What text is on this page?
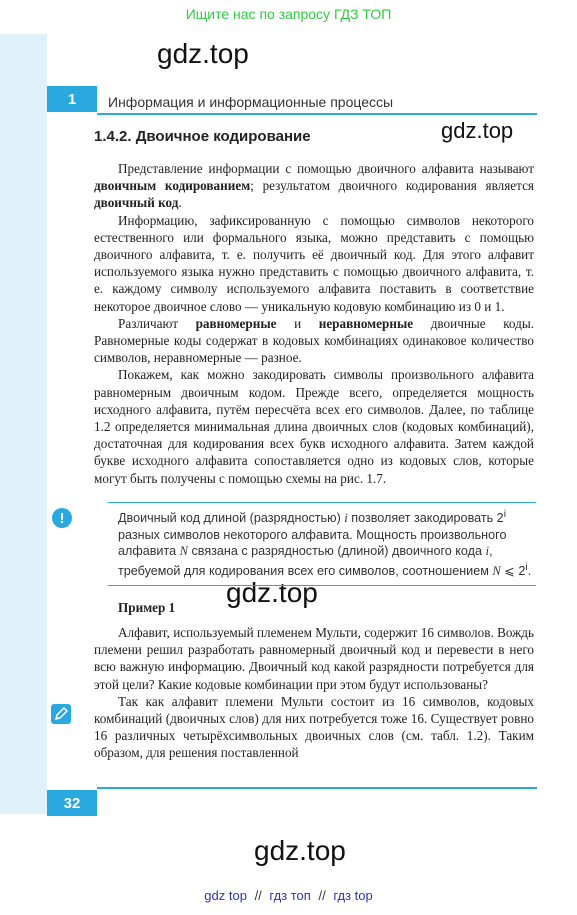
Ищите нас по запросу ГДЗ ТОП
gdz.top
gdz.top
gdz.top
gdz.top
1	Информация и информационные процессы
1.4.2. Двоичное кодирование

Представление информации с помощью двоичного алфавита называют двоичным кодированием; результатом двоичного кодирования является двоичный код.

Информацию, зафиксированную с помощью символов некоторого естественного или формального языка, можно представить с помощью двоичного алфавита, т. е. получить её двоичный код. Для этого алфавит используемого языка нужно представить с помощью двоичного алфавита, т. е. каждому символу используемого алфавита поставить в соответствие некоторое двоичное слово — уникальную кодовую комбинацию из 0 и 1.

Различают равномерные и неравномерные двоичные коды. Равномерные коды содержат в кодовых комбинациях одинаковое количество символов, неравномерные — разное.

Покажем, как можно закодировать символы произвольного алфавита равномерным двоичным кодом. Прежде всего, определяется мощность исходного алфавита, путём пересчёта всех его символов. Далее, по таблице 1.2 определяется минимальная длина двоичных слов (кодовых комбинаций), достаточная для кодирования всех букв исходного алфавита. Затем каждой букве исходного алфавита сопоставляется одно из кодовых слов, которые могут быть получены с помощью схемы на рис. 1.7.

!	Двоичный код длиной (разрядностью) i позволяет закодировать 2$^i$ разных символов некоторого алфавита. Мощность произвольного алфавита N связана с разрядностью (длиной) двоичного кода i, требуемой для кодирования всех его символов, соотношением N ⩽ 2$^i$.
Пример 1

Алфавит, используемый племенем Мульти, содержит 16 символов. Вождь племени решил разработать равномерный двоичный код и перевести в него всю важную информацию. Двоичный код какой разрядности потребуется для этой цели? Какие кодовые комбинации при этом будут использованы?

Так как алфавит племени Мульти состоит из 16 символов, кодовых комбинаций (двоичных слов) для них потребуется тоже 16. Существует ровно 16 различных четырёхсимвольных двоичных слов (см. табл. 1.2). Таким образом, для решения поставленной

32
gdz top // гдз топ // гдз top
